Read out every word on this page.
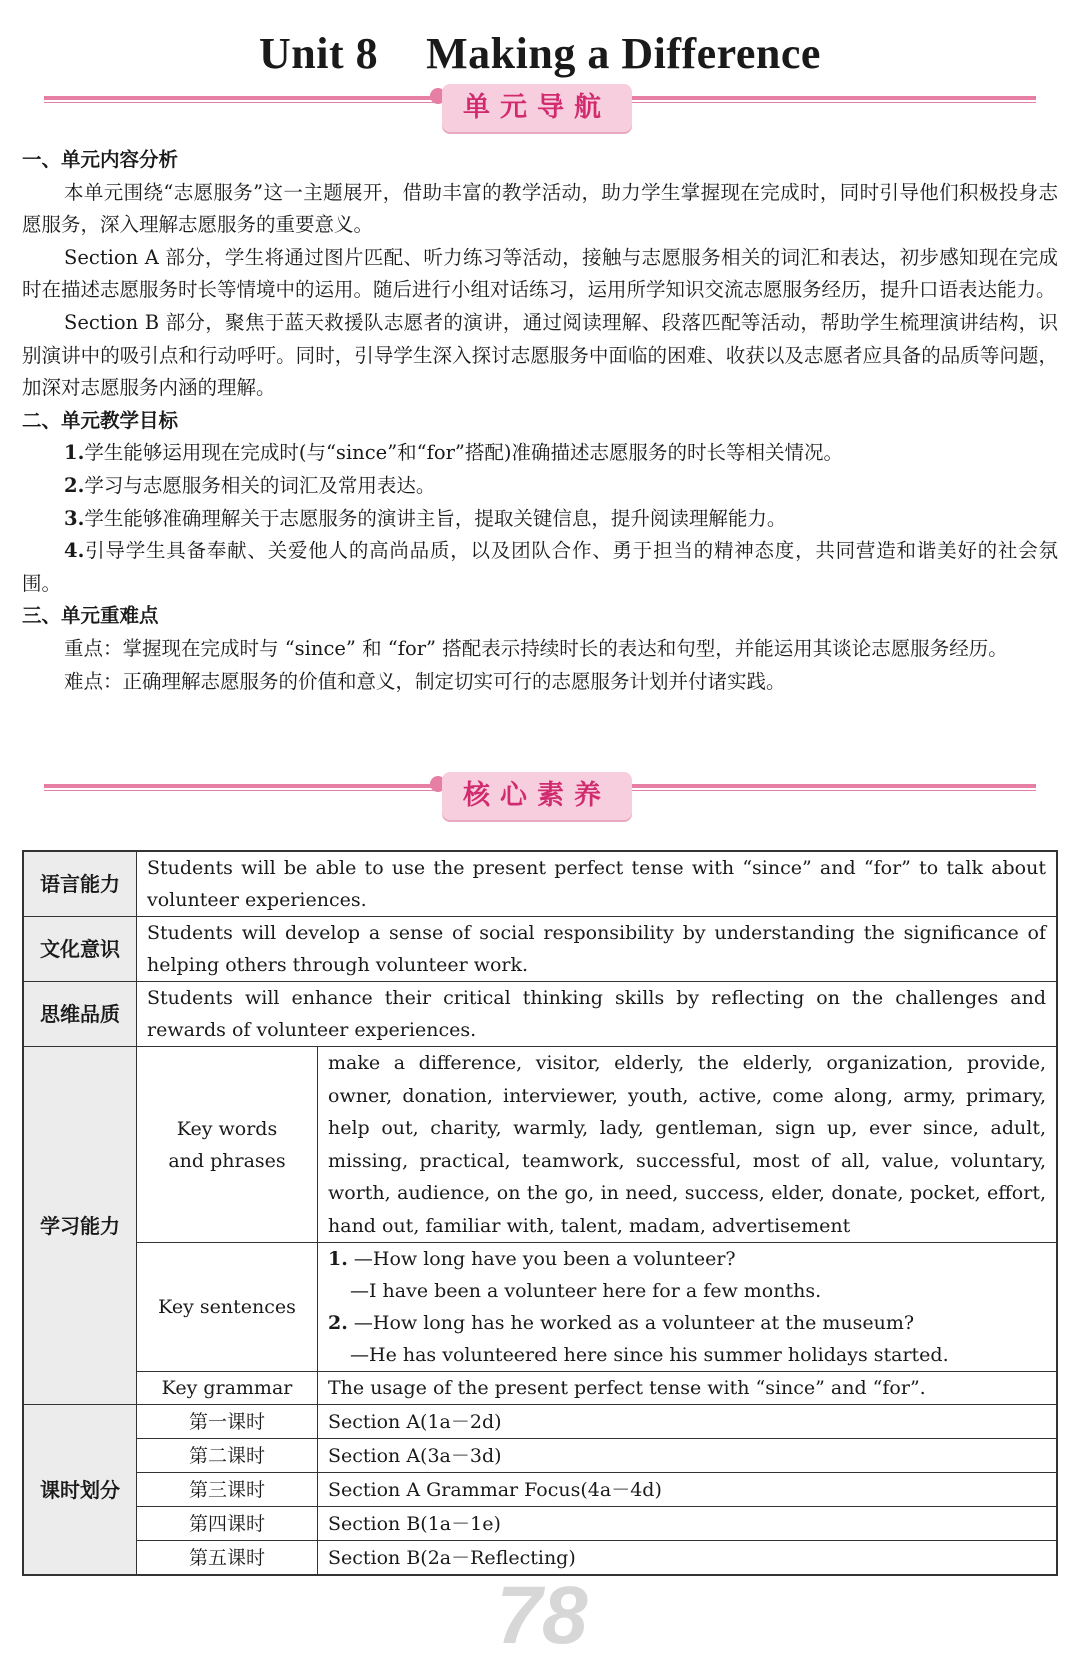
Unit 8 Making a Difference
单元导航

一、单元内容分析

本单元围绕“志愿服务”这一主题展开，借助丰富的教学活动，助力学生掌握现在完成时，同时引导他们积极投身志愿服务，深入理解志愿服务的重要意义。

Section A 部分，学生将通过图片匹配、听力练习等活动，接触与志愿服务相关的词汇和表达，初步感知现在完成时在描述志愿服务时长等情境中的运用。随后进行小组对话练习，运用所学知识交流志愿服务经历，提升口语表达能力。

Section B 部分，聚焦于蓝天救援队志愿者的演讲，通过阅读理解、段落匹配等活动，帮助学生梳理演讲结构，识别演讲中的吸引点和行动呼吁。同时，引导学生深入探讨志愿服务中面临的困难、收获以及志愿者应具备的品质等问题，加深对志愿服务内涵的理解。

二、单元教学目标

1.学生能够运用现在完成时(与“since”和“for”搭配)准确描述志愿服务的时长等相关情况。

2.学习与志愿服务相关的词汇及常用表达。

3.学生能够准确理解关于志愿服务的演讲主旨，提取关键信息，提升阅读理解能力。

4.引导学生具备奉献、关爱他人的高尚品质，以及团队合作、勇于担当的精神态度，共同营造和谐美好的社会氛围。

三、单元重难点

重点：掌握现在完成时与 “since” 和 “for” 搭配表示持续时长的表达和句型，并能运用其谈论志愿服务经历。

难点：正确理解志愿服务的价值和意义，制定切实可行的志愿服务计划并付诸实践。

核心素养
语言能力	Students will be able to use the present perfect tense with “since” and “for” to talk about volunteer experiences.	
文化意识	Students will develop a sense of social responsibility by understanding the significance of helping others through volunteer work.	
思维品质	Students will enhance their critical thinking skills by reflecting on the challenges and rewards of volunteer experiences.	
学习能力	Key words and phrases	make a difference, visitor, elderly, the elderly, organization, provide, owner, donation, interviewer, youth, active, come along, army, primary, help out, charity, warmly, lady, gentleman, sign up, ever since, adult, missing, practical, teamwork, successful, most of all, value, voluntary, worth, audience, on the go, in need, success, elder, donate, pocket, effort, hand out, familiar with, talent, madam, advertisement
	Key sentences	1. —How long have you been a volunteer?
—I have been a volunteer here for a few months.
2. —How long has he worked as a volunteer at the museum?
—He has volunteered here since his summer holidays started.

	Key grammar	The usage of the present perfect tense with “since” and “for”.
课时划分	第一课时	Section A(1a－2d)
	第二课时	Section A(3a－3d)
	第三课时	Section A Grammar Focus(4a－4d)
	第四课时	Section B(1a－1e)
	第五课时	Section B(2a－Reflecting)
78
